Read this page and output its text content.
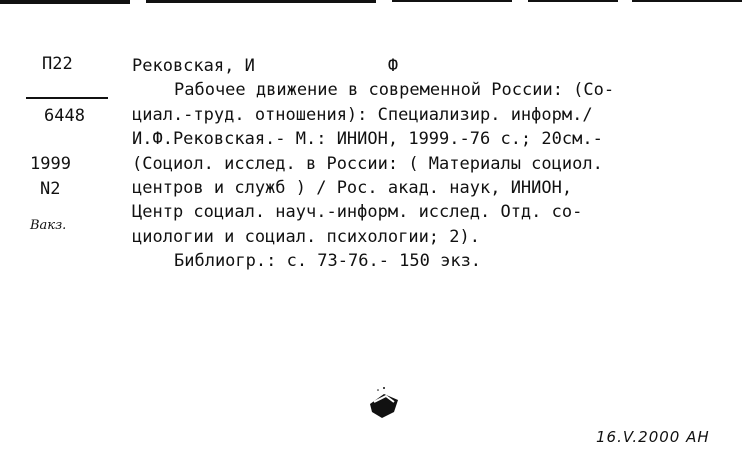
П22
6448
1999
N2
Вакз.
Рековская, И             Ф
Рабочее движение в современной России: (Со-
циал.-труд. отношения): Специализир. информ./
И.Ф.Рековская.- М.: ИНИОН, 1999.-76 с.; 20см.-
(Социол. исслед. в России: ( Материалы социол.
центров и служб ) / Рос. акад. наук, ИНИОН,
Центр социал. науч.-информ. исслед. Отд. со-
циологии и социал. психологии; 2).
Библиогр.: с. 73-76.- 150 экз.
16.V.2000 АН
